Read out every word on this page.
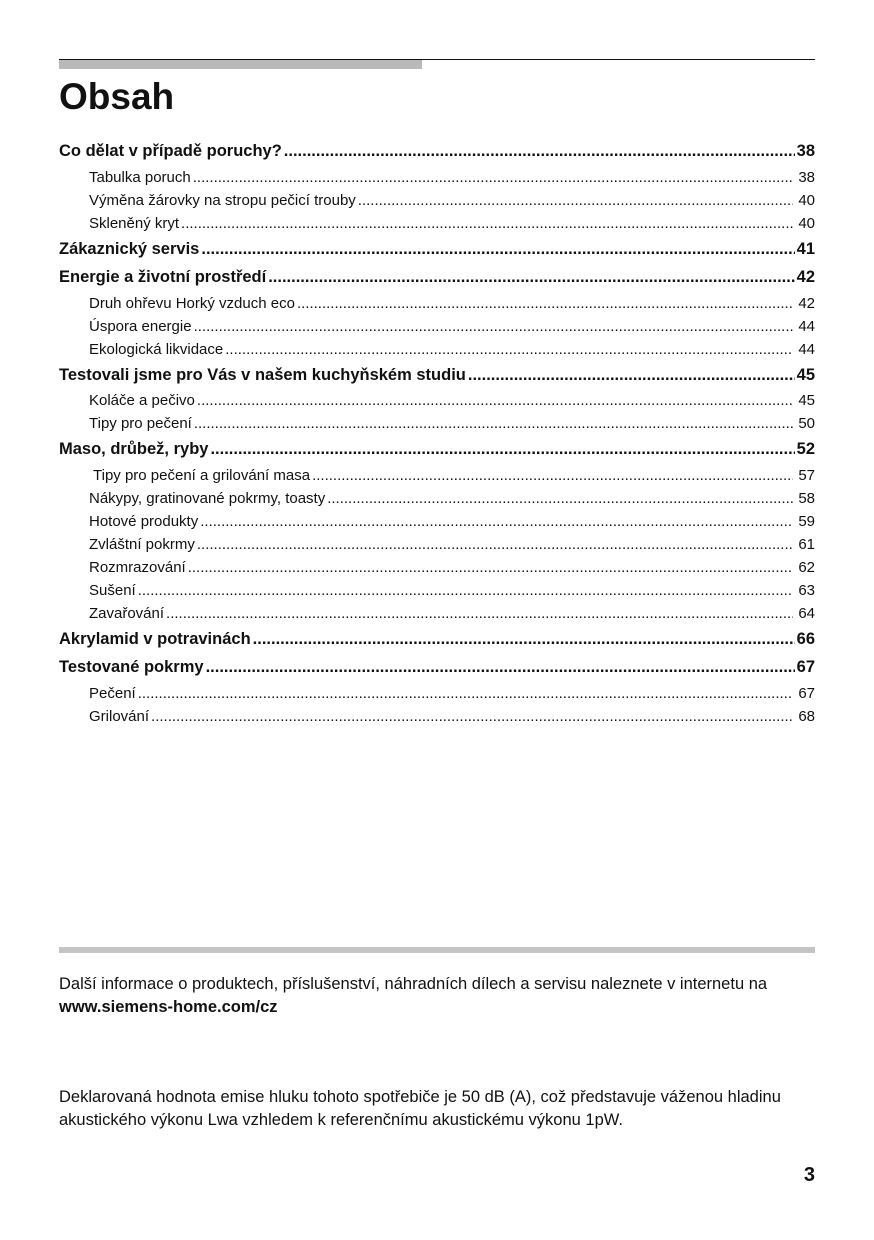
Obsah
Co dělat v případě poruchy? .....	38
Tabulka poruch .....	38
Výměna žárovky na stropu pečicí trouby .....	40
Skleněný kryt .....	40
Zákaznický servis .....	41
Energie a životní prostředí .....	42
Druh ohřevu Horký vzduch eco .....	42
Úspora energie .....	44
Ekologická likvidace .....	44
Testovali jsme pro Vás v našem kuchyňském studiu .....	45
Koláče a pečivo .....	45
Tipy pro pečení .....	50
Maso, drůbež, ryby .....	52
Tipy pro pečení a grilování masa .....	57
Nákypy, gratinované pokrmy, toasty .....	58
Hotové produkty .....	59
Zvláštní pokrmy .....	61
Rozmrazování .....	62
Sušení .....	63
Zavařování .....	64
Akrylamid v potravinách .....	66
Testované pokrmy .....	67
Pečení .....	67
Grilování .....	68

Další informace o produktech, příslušenství, náhradních dílech a servisu naleznete v internetu na www.siemens-home.com/cz

Deklarovaná hodnota emise hluku tohoto spotřebiče je 50 dB (A), což představuje váženou hladinu akustického výkonu Lwa vzhledem k referenčnímu akustickému výkonu 1pW.

3
